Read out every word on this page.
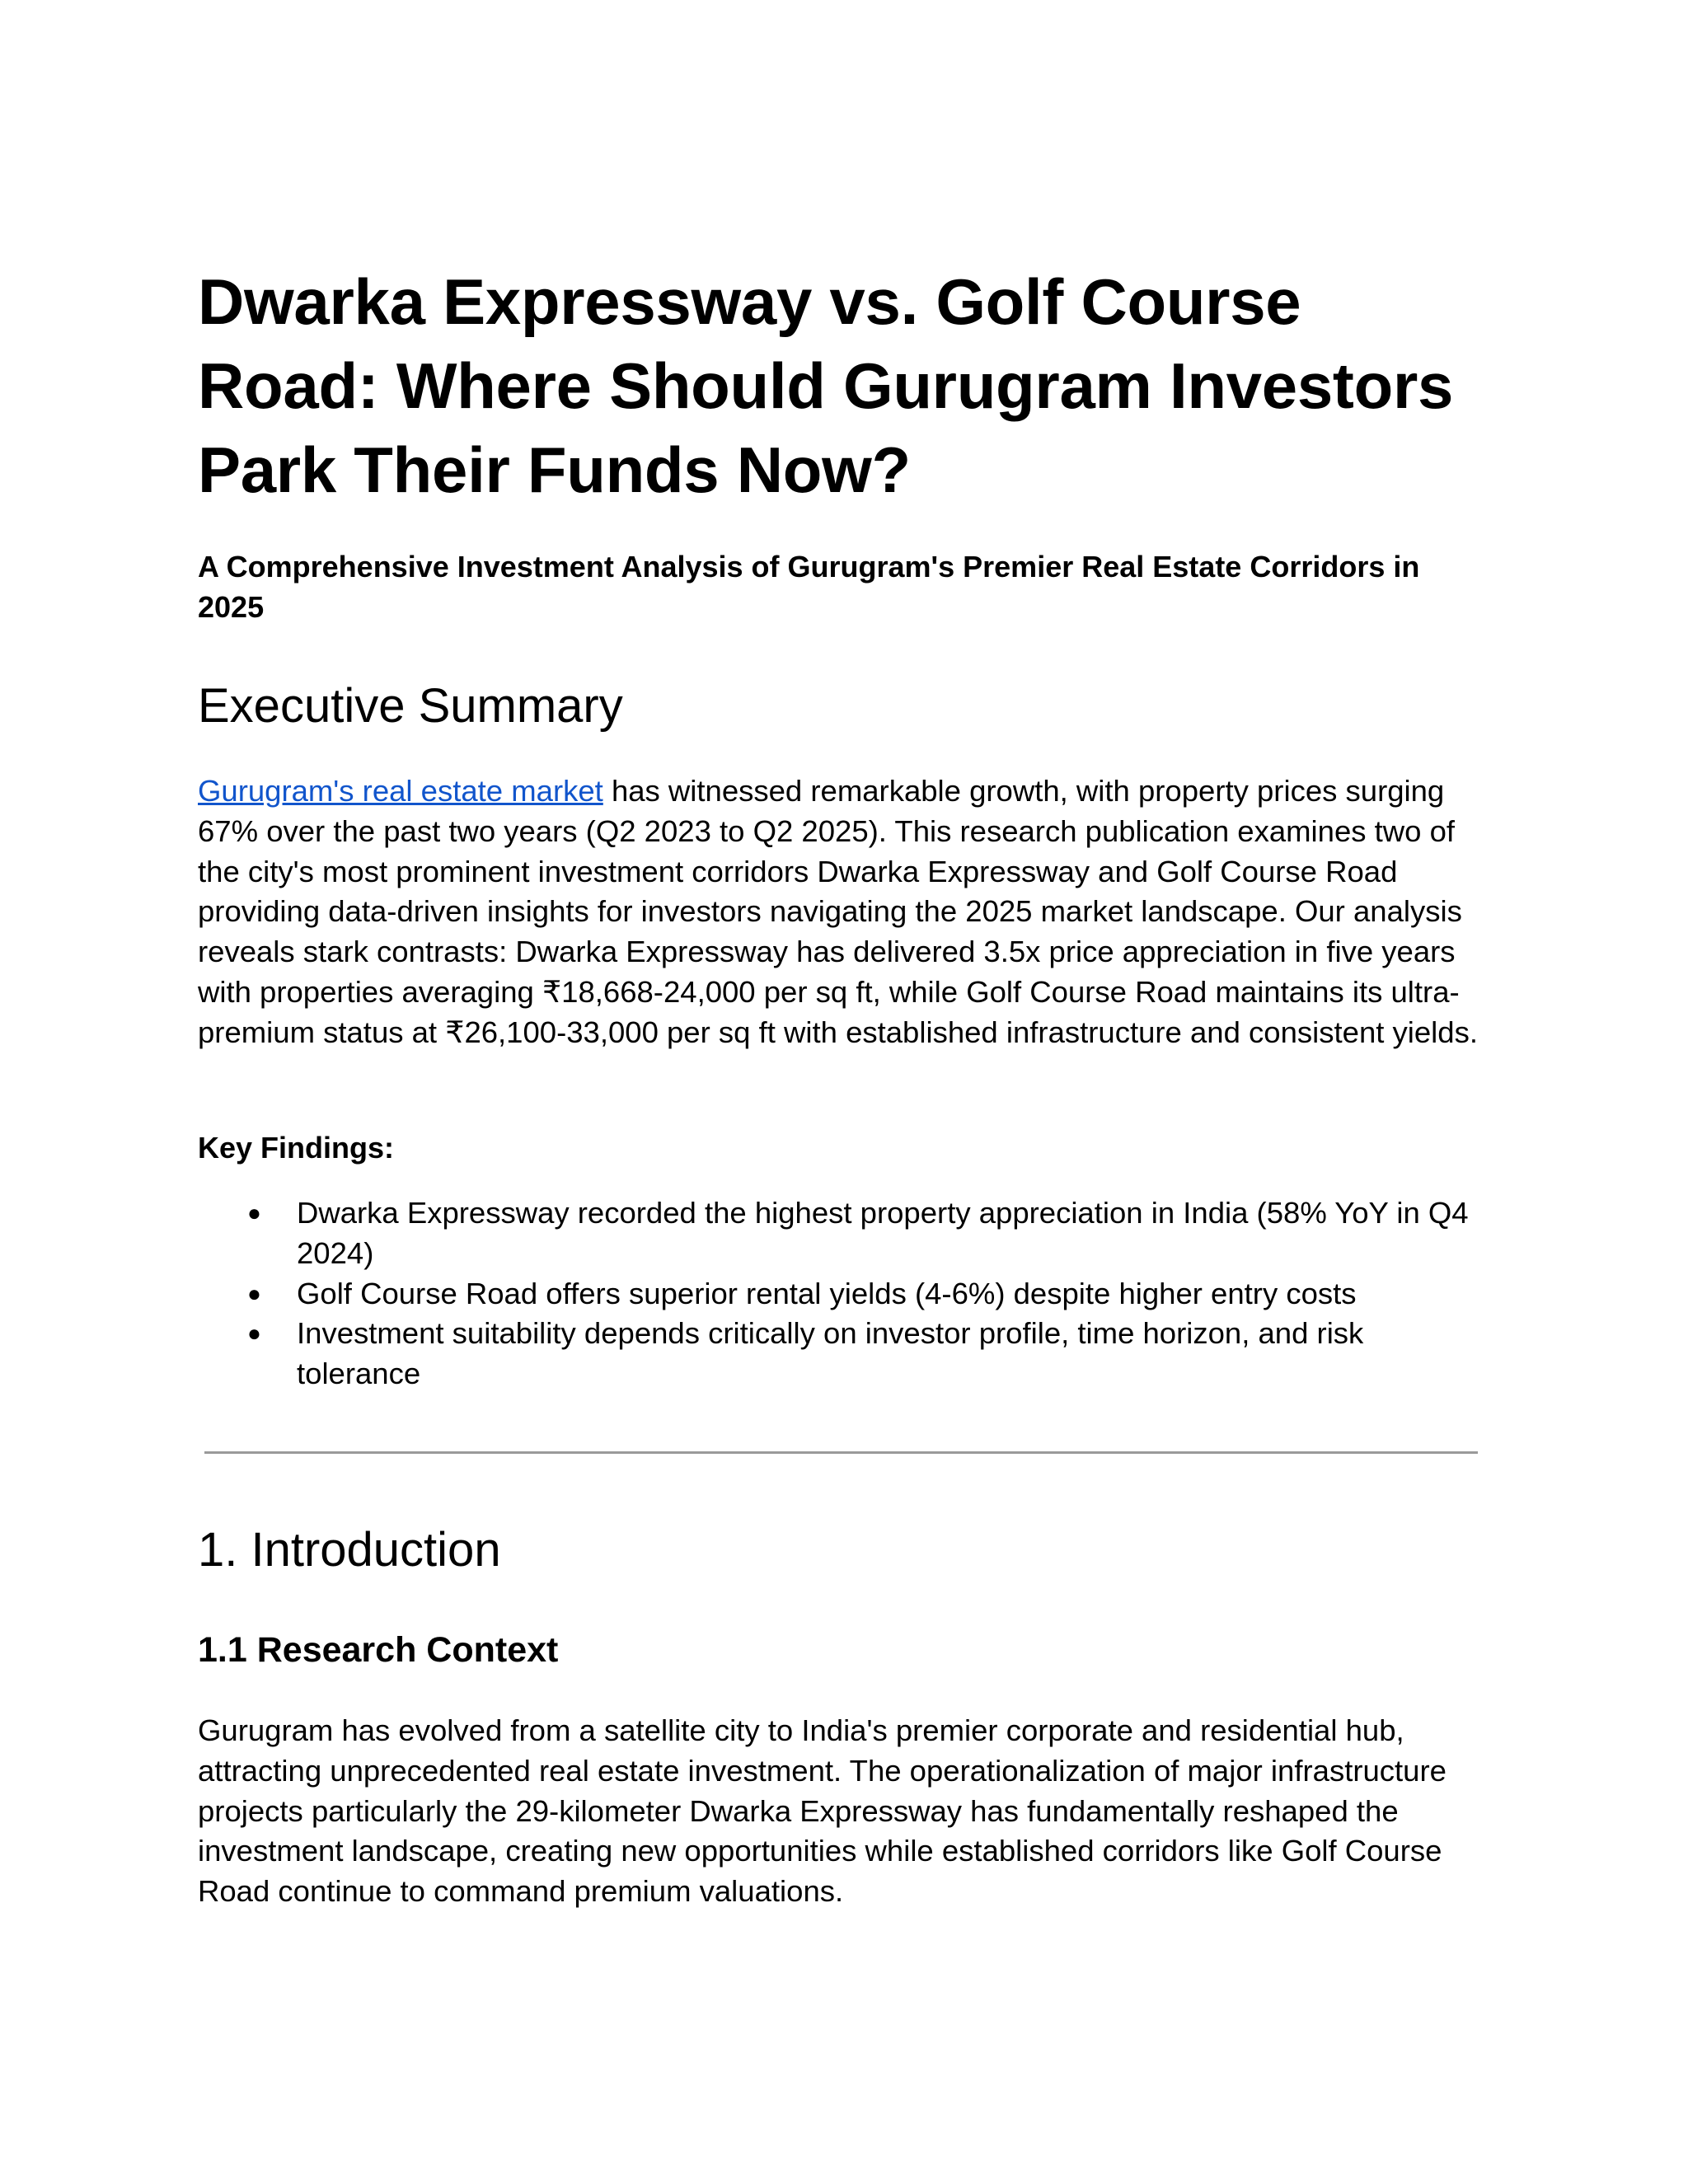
Dwarka Expressway vs. Golf Course Road: Where Should Gurugram Investors Park Their Funds Now?

A Comprehensive Investment Analysis of Gurugram's Premier Real Estate Corridors in 2025

Executive Summary

Gurugram's real estate market has witnessed remarkable growth, with property prices surging 67% over the past two years (Q2 2023 to Q2 2025). This research publication examines two of the city's most prominent investment corridors Dwarka Expressway and Golf Course Road providing data-driven insights for investors navigating the 2025 market landscape. Our analysis reveals stark contrasts: Dwarka Expressway has delivered 3.5x price appreciation in five years with properties averaging ₹18,668-24,000 per sq ft, while Golf Course Road maintains its ultra-premium status at ₹26,100-33,000 per sq ft with established infrastructure and consistent yields.

Key Findings:

● Dwarka Expressway recorded the highest property appreciation in India (58% YoY in Q4 2024)
● Golf Course Road offers superior rental yields (4-6%) despite higher entry costs
● Investment suitability depends critically on investor profile, time horizon, and risk tolerance
1. Introduction
1.1 Research Context

Gurugram has evolved from a satellite city to India's premier corporate and residential hub, attracting unprecedented real estate investment. The operationalization of major infrastructure projects particularly the 29-kilometer Dwarka Expressway has fundamentally reshaped the investment landscape, creating new opportunities while established corridors like Golf Course Road continue to command premium valuations.
